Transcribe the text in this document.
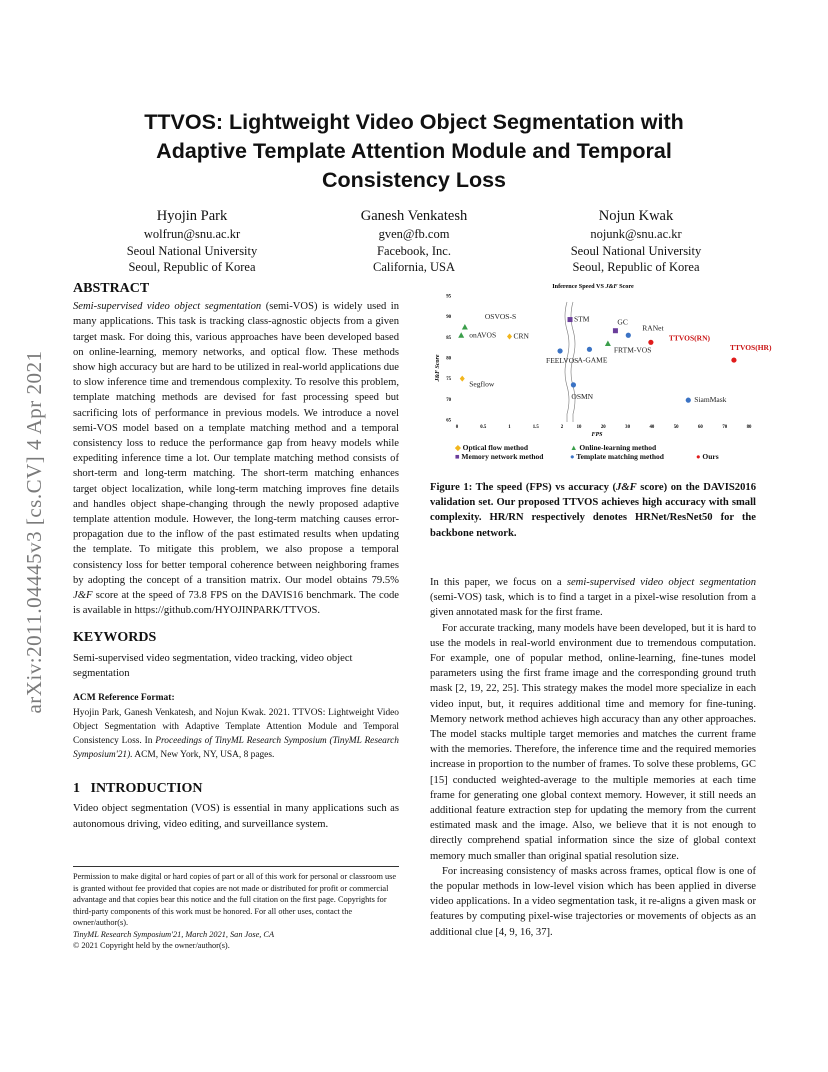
arXiv:2011.04445v3 [cs.CV] 4 Apr 2021
TTVOS: Lightweight Video Object Segmentation with Adaptive Template Attention Module and Temporal Consistency Loss
Hyojin Park
wolfrun@snu.ac.kr
Seoul National University
Seoul, Republic of Korea
Ganesh Venkatesh
gven@fb.com
Facebook, Inc.
California, USA
Nojun Kwak
nojunk@snu.ac.kr
Seoul National University
Seoul, Republic of Korea
ABSTRACT

Semi-supervised video object segmentation (semi-VOS) is widely used in many applications. This task is tracking class-agnostic objects from a given target mask. For doing this, various approaches have been developed based on online-learning, memory networks, and optical flow. These methods show high accuracy but are hard to be utilized in real-world applications due to slow inference time and tremendous complexity. To resolve this problem, template matching methods are devised for fast processing speed but sacrificing lots of performance in previous models. We introduce a novel semi-VOS model based on a template matching method and a temporal consistency loss to reduce the performance gap from heavy models while expediting inference time a lot. Our template matching method consists of short-term and long-term matching. The short-term matching enhances target object localization, while long-term matching improves fine details and handles object shape-changing through the newly proposed adaptive template attention module. However, the long-term matching causes error-propagation due to the inflow of the past estimated results when updating the template. To mitigate this problem, we also propose a temporal consistency loss for better temporal coherence between neighboring frames by adopting the concept of a transition matrix. Our model obtains 79.5% J&F score at the speed of 73.8 FPS on the DAVIS16 benchmark. The code is available in https://github.com/HYOJINPARK/TTVOS.

KEYWORDS

Semi-supervised video segmentation, video tracking, video object segmentation

ACM Reference Format:

Hyojin Park, Ganesh Venkatesh, and Nojun Kwak. 2021. TTVOS: Lightweight Video Object Segmentation with Adaptive Template Attention Module and Temporal Consistency Loss. In Proceedings of TinyML Research Symposium (TinyML Research Symposium'21). ACM, New York, NY, USA, 8 pages.

1 INTRODUCTION

Video object segmentation (VOS) is essential in many applications such as autonomous driving, video editing, and surveillance system.

Permission to make digital or hard copies of part or all of this work for personal or classroom use is granted without fee provided that copies are not made or distributed for profit or commercial advantage and that copies bear this notice and the full citation on the first page. Copyrights for third-party components of this work must be honored. For all other uses, contact the owner/author(s).
TinyML Research Symposium'21, March 2021, San Jose, CA
© 2021 Copyright held by the owner/author(s).
Inference Speed VS J&F Score
J&F Score
FPS
65
70
75
80
85
90
95
0	0.5	1	1.5	2	10	20	30	40	50	60	70	80
CRN
Segflow
OSVOS-S
onAVOS
FRTM-VOS
STM	GC
FEELVOS A-GAME
RANet
OSMN	SiamMask
TTVOS(RN)
TTVOS(HR)
◆ Optical flow method	▲ Online-learning method
■ Memory network method	● Template matching method	● Ours
Figure 1: The speed (FPS) vs accuracy (J&F score) on the DAVIS2016 validation set. Our proposed TTVOS achieves high accuracy with small complexity. HR/RN respectively denotes HRNet/ResNet50 for the backbone network.

In this paper, we focus on a semi-supervised video object segmentation (semi-VOS) task, which is to find a target in a pixel-wise resolution from a given annotated mask for the first frame.

For accurate tracking, many models have been developed, but it is hard to use the models in real-world environment due to tremendous computation. For example, one of popular method, online-learning, fine-tunes model parameters using the first frame image and the corresponding ground truth mask [2, 19, 22, 25]. This strategy makes the model more specialize in each video input, but, it requires additional time and memory for fine-tuning. Memory network method achieves high accuracy than any other approaches. The model stacks multiple target memories and matches the current frame with the memories. Therefore, the inference time and the required memories increase in proportion to the number of frames. To solve these problems, GC [15] conducted weighted-average to the multiple memories at each time frame for generating one global context memory. However, it still needs an additional feature extraction step for updating the memory from the current estimated mask and the image. Also, we believe that it is not enough to directly comprehend spatial information since the size of global context memory much smaller than original spatial resolution size.

For increasing consistency of masks across frames, optical flow is one of the popular methods in low-level vision which has been applied in diverse video applications. In a video segmentation task, it re-aligns a given mask or features by computing pixel-wise trajectories or movements of objects as an additional clue [4, 9, 16, 37].
